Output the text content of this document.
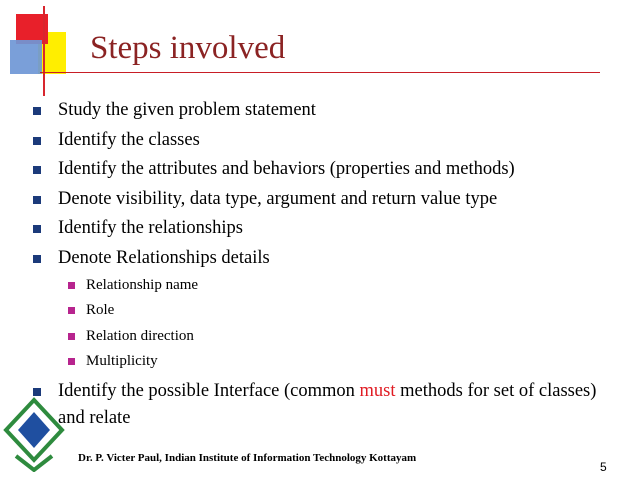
Steps involved
Study the given problem statement
Identify the classes
Identify the attributes and behaviors (properties and methods)
Denote visibility, data type, argument and return value type
Identify the relationships
Denote Relationships details
Relationship name
Role
Relation direction
Multiplicity
Identify the possible Interface (common must methods for set of classes) and relate
Dr. P. Victer Paul, Indian Institute of Information Technology Kottayam
5
